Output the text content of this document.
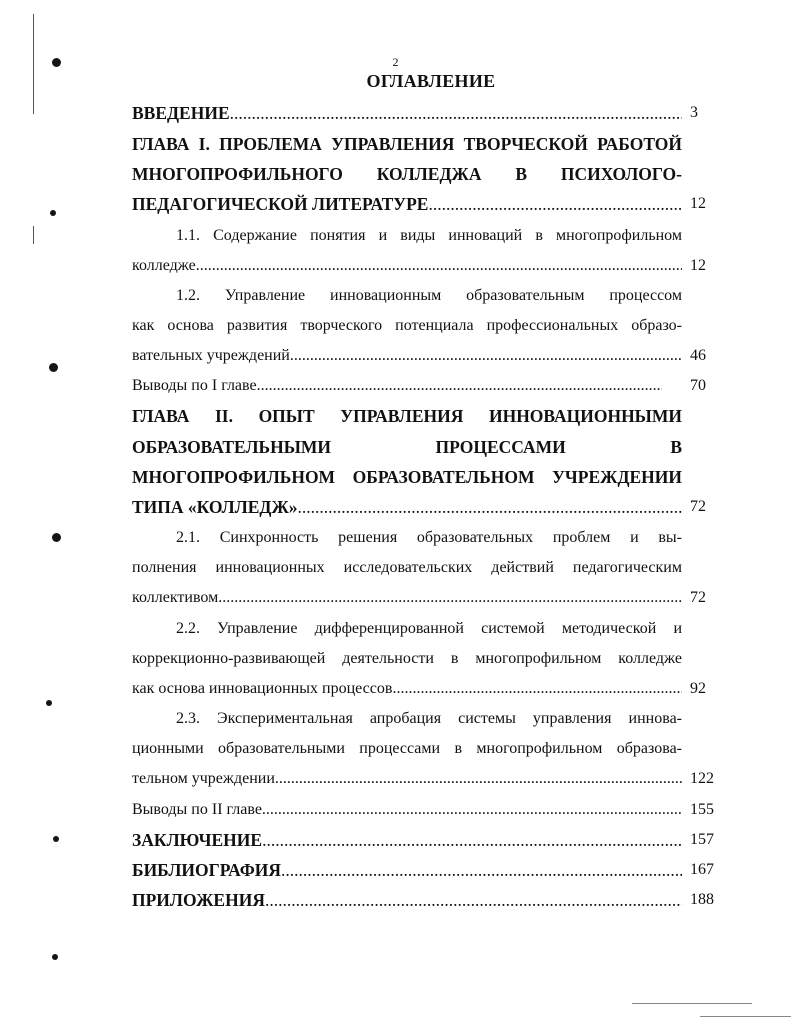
2
ОГЛАВЛЕНИЕ
ВВЕДЕНИЕ .....	3
ГЛАВА I. ПРОБЛЕМА УПРАВЛЕНИЯ ТВОРЧЕСКОЙ РАБОТОЙ
МНОГОПРОФИЛЬНОГО КОЛЛЕДЖА В ПСИХОЛОГО-
ПЕДАГОГИЧЕСКОЙ ЛИТЕРАТУРЕ .....	12
1.1. Содержание понятия и виды инноваций в многопрофильном
колледже .....	12
1.2. Управление инновационным образовательным процессом
как основа развития творческого потенциала профессиональных образо-
вательных учреждений .....	46
Выводы по I главе .....	70
ГЛАВА II. ОПЫТ УПРАВЛЕНИЯ ИННОВАЦИОННЫМИ
ОБРАЗОВАТЕЛЬНЫМИ ПРОЦЕССАМИ В
МНОГОПРОФИЛЬНОМ ОБРАЗОВАТЕЛЬНОМ УЧРЕЖДЕНИИ
ТИПА «КОЛЛЕДЖ» .....	72
2.1. Синхронность решения образовательных проблем и вы-
полнения инновационных исследовательских действий педагогическим
коллективом .....	72
2.2. Управление дифференцированной системой методической и
коррекционно-развивающей деятельности в многопрофильном колледже
как основа инновационных процессов .....	92
2.3. Экспериментальная апробация системы управления иннова-
ционными образовательными процессами в многопрофильном образова-
тельном учреждении .....	122
Выводы по II главе .....	155
ЗАКЛЮЧЕНИЕ .....	157
БИБЛИОГРАФИЯ .....	167
ПРИЛОЖЕНИЯ .....	188
